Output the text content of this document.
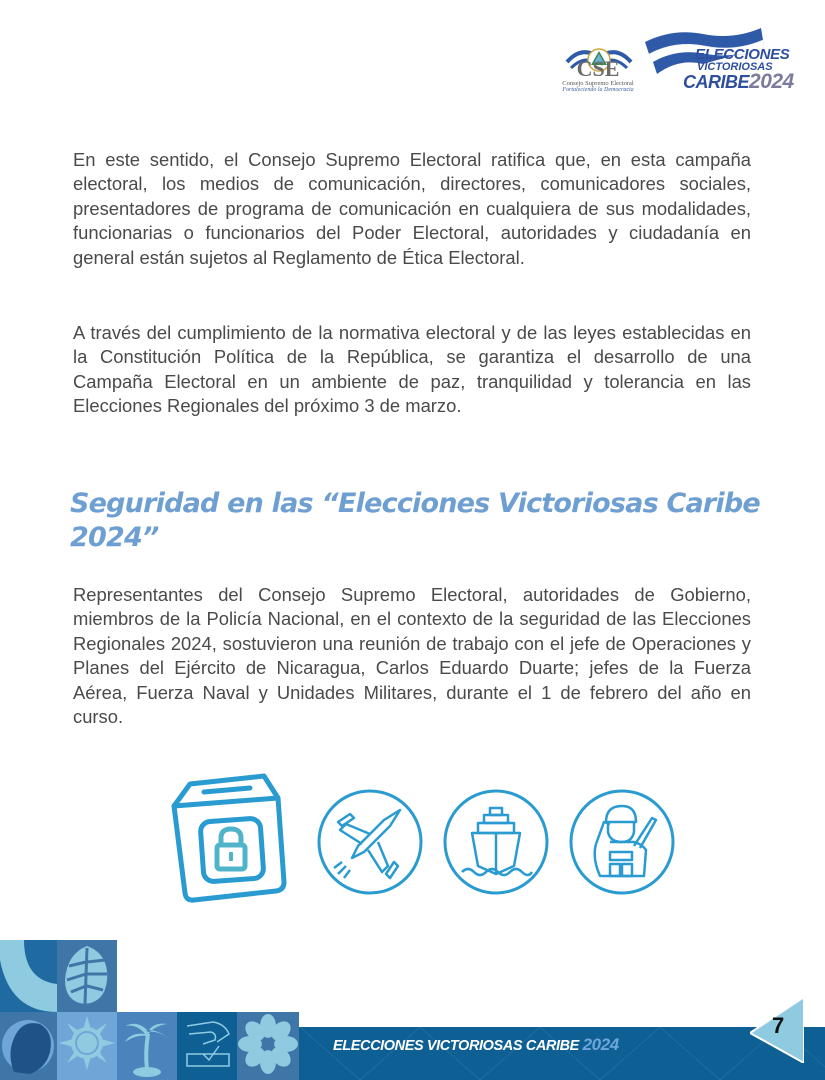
CSE
Consejo Supremo Electoral
Fortaleciendo la Democracia
ELECCIONES
VICTORIOSAS
CARIBE2024

En este sentido, el Consejo Supremo Electoral ratifica que, en esta campaña electoral, los medios de comunicación, directores, comunicadores sociales, presentadores de programa de comunicación en cualquiera de sus modalidades, funcionarias o funcionarios del Poder Electoral, autoridades y ciudadanía en general están sujetos al Reglamento de Ética Electoral.

A través del cumplimiento de la normativa electoral y de las leyes establecidas en la Constitución Política de la República, se garantiza el desarrollo de una Campaña Electoral en un ambiente de paz, tranquilidad y tolerancia en las Elecciones Regionales del próximo 3 de marzo.

Seguridad en las “Elecciones Victoriosas Caribe 2024”

Representantes del Consejo Supremo Electoral, autoridades de Gobierno, miembros de la Policía Nacional, en el contexto de la seguridad de las Elecciones Regionales 2024, sostuvieron una reunión de trabajo con el jefe de Operaciones y Planes del Ejército de Nicaragua, Carlos Eduardo Duarte; jefes de la Fuerza Aérea, Fuerza Naval y Unidades Militares, durante el 1 de febrero del año en curso.

ELECCIONES VICTORIOSAS CARIBE 2024
7
